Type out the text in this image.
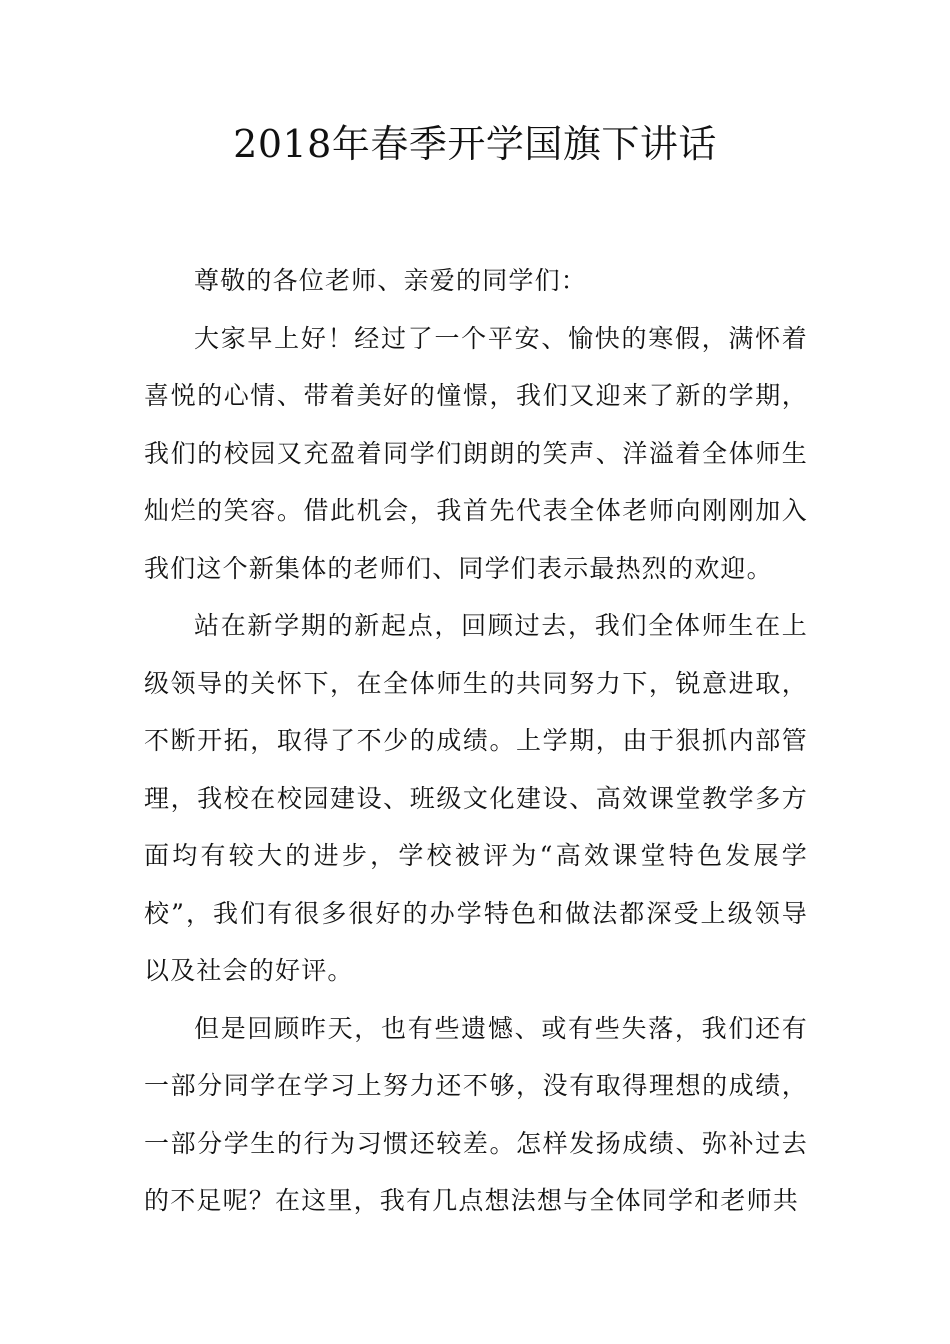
2018年春季开学国旗下讲话

尊敬的各位老师、亲爱的同学们：

大家早上好！经过了一个平安、愉快的寒假，满怀着喜悦的心情、带着美好的憧憬，我们又迎来了新的学期，我们的校园又充盈着同学们朗朗的笑声、洋溢着全体师生灿烂的笑容。借此机会，我首先代表全体老师向刚刚加入我们这个新集体的老师们、同学们表示最热烈的欢迎。

站在新学期的新起点，回顾过去，我们全体师生在上级领导的关怀下，在全体师生的共同努力下，锐意进取，不断开拓，取得了不少的成绩。上学期，由于狠抓内部管理，我校在校园建设、班级文化建设、高效课堂教学多方面均有较大的进步，学校被评为“高效课堂特色发展学校”，我们有很多很好的办学特色和做法都深受上级领导以及社会的好评。

但是回顾昨天，也有些遗憾、或有些失落，我们还有一部分同学在学习上努力还不够，没有取得理想的成绩，一部分学生的行为习惯还较差。怎样发扬成绩、弥补过去的不足呢？在这里，我有几点想法想与全体同学和老师共
